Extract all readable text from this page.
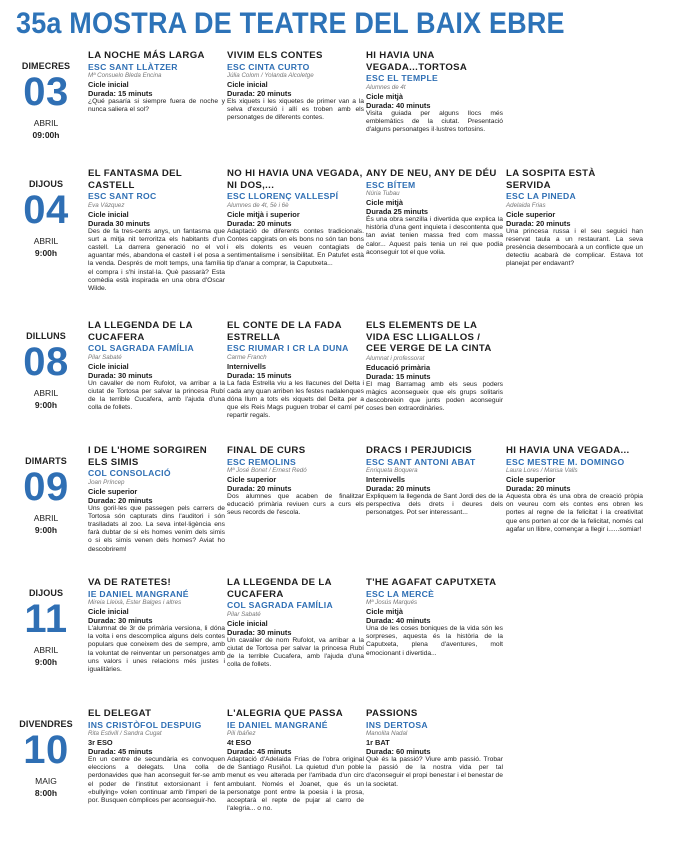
35a MOSTRA DE TEATRE DEL BAIX EBRE
DIMECRES
03
ABRIL
09:00h
LA NOCHE MÁS LARGA
ESC SANT LLÀTZER
Mª Consuelo Bleda Encina
Cicle inicial
Durada: 15 minuts
¿Qué pasaría si siempre fuera de noche y nunca saliera el sol?
VIVIM ELS CONTES
ESC CINTA CURTO
Júlia Colom / Yolanda Alcoletge
Cicle inicial
Durada: 20 minuts
Els xiquets i les xiquetes de primer van a la selva d'excursió i allí es troben amb els personatges de diferents contes.
HI HAVIA UNA VEGADA...TORTOSA
ESC EL TEMPLE
Alumnes de 4t
Cicle mitjà
Durada: 40 minuts
Visita guiada per alguns llocs més emblemàtics de la ciutat. Presentació d'alguns personatges il·lustres tortosins.
DIJOUS
04
ABRIL
9:00h
EL FANTASMA DEL CASTELL
ESC SANT ROC
Eva Vázquez
Cicle inicial
Durada 30 minuts
Des de fa tres-cents anys, un fantasma que surt a mitja nit terroritza els habitants d'un castell. La darrera generació no el vol aguantar més, abandona el castell i el posa a la venda. Després de molt temps, una família el compra i s'hi instal·la. Què passarà? Esta comèdia està inspirada en una obra d'Oscar Wilde.
NO HI HAVIA UNA VEGADA, NI DOS,...
ESC LLORENÇ VALLESPÍ
Alumnes de 4t, 5è i 6è
Cicle mitjà i superior
Durada: 20 minuts
Adaptació de diferents contes tradicionals. Contes capgirats on els bons no són tan bons i els dolents es veuen contagiats de sentimentalisme i sensibilitat. En Patufet està tip d'anar a comprar, la Caputxeta...
ANY DE NEU, ANY DE DÉU
ESC BÍTEM
Núria Tubau
Cicle mitjà
Durada 25 minuts
És una obra senzilla i divertida que explica la història d'una gent inquieta i descontenta que tan aviat tenien massa fred com massa calor... Aquest país tenia un rei que podia aconseguir tot el que volia.
LA SOSPITA ESTÀ SERVIDA
ESC LA PINEDA
Adelaida Frias
Cicle superior
Durada: 20 minuts
Una princesa russa i el seu seguici han reservat taula a un restaurant. La seva presència desembocarà a un conflicte que un detectiu acabarà de complicar. Estava tot planejat per endavant?
DILLUNS
08
ABRIL
9:00h
LA LLEGENDA DE LA CUCAFERA
COL SAGRADA FAMÍLIA
Pilar Sabaté
Cicle inicial
Durada: 30 minuts
Un cavaller de nom Rufolot, va arribar a la ciutat de Tortosa per salvar la princesa Rubí de la terrible Cucafera, amb l'ajuda d'una colla de follets.
EL CONTE DE LA FADA ESTRELLA
ESC RIUMAR I CR LA DUNA
Carme Franch
Internivells
Durada: 15 minuts
La fada Estrella viu a les llacunes del Delta i cada any quan arriben les festes nadalenques dóna llum a tots els xiquets del Delta per a que els Reis Mags puguen trobar el camí per repartir regals.
ELS ELEMENTS DE LA VIDA ESC LLIGALLOS / CEE VERGE DE LA CINTA
Alumnat i professorat
Educació primària
Durada: 15 minuts
El mag Barramag amb els seus poders màgics aconsegueix que els grups solitaris descobreixin que junts poden aconseguir coses ben extraordinàries.
DIMARTS
09
ABRIL
9:00h
I DE L'HOME SORGIREN ELS SIMIS
COL CONSOLACIÓ
Joan Príncep
Cicle superior
Durada: 20 minuts
Uns goril·les que passegen pels carrers de Tortosa són capturats dins l'auditori i són traslladats al zoo. La seva intel·ligència ens farà dubtar de si els homes venim dels simis o si els simis venen dels homes? Aviat ho descobrirem!
FINAL DE CURS
ESC REMOLINS
Mª José Bonet / Ernest Redó
Cicle superior
Durada: 20 minuts
Dos alumnes que acaben de finalitzar educació primària reviuen curs a curs els seus records de l'escola.
DRACS I PERJUDICIS
ESC SANT ANTONI ABAT
Enriqueta Boquera
Internivells
Durada: 20 minuts
Expliquem la llegenda de Sant Jordi des de la perspectiva dels drets i deures dels personatges. Pot ser interessant...
HI HAVIA UNA VEGADA...
ESC MESTRE M. DOMINGO
Laura Lores / Marisa Valls
Cicle superior
Durada: 20 minuts
Aquesta obra és una obra de creació pròpia on veureu com els contes ens obren les portes al regne de la felicitat i la creativitat que ens porten al cor de la felicitat, només cal agafar un llibre, començar a llegir i......somiar!
DIJOUS
11
ABRIL
9:00h
VA DE RATETES!
IE DANIEL MANGRANÉ
Mireia Lleixà, Ester Balges i altres
Cicle inicial
Durada: 30 minuts
L'alumnat de 3r de primària versiona, li dóna la volta i ens descomplica alguns dels contes populars que coneixem des de sempre, amb la voluntat de reinventar un personatges amb uns valors i unes relacions més justes i igualitàries.
LA LLEGENDA DE LA CUCAFERA
COL SAGRADA FAMÍLIA
Pilar Sabaté
Cicle inicial
Durada: 30 minuts
Un cavaller de nom Rufolot, va arribar a la ciutat de Tortosa per salvar la princesa Rubí de la terrible Cucafera, amb l'ajuda d'una colla de follets.
T'HE AGAFAT CAPUTXETA
ESC LA MERCÈ
Mª Josús Marqués
Cicle mitjà
Durada: 40 minuts
Una de les coses boniques de la vida són les sorpreses, aquesta és la història de la Caputxeta, plena d'aventures, molt emocionant i divertida...
DIVENDRES
10
MAIG
8:00h
EL DELEGAT
INS CRISTÒFOL DESPUIG
Rita Estivill / Sandra Cugat
3r ESO
Durada: 45 minuts
En un centre de secundària es convoquen eleccions a delegats. Una colla de perdonavides que han aconseguit fer-se amb el poder de l'institut extorsionant i fent «bullying» volen continuar amb l'imperi de la por. Busquen còmplices per aconseguir-ho.
L'ALEGRIA QUE PASSA
IE DANIEL MANGRANÉ
Pili Ibáñez
4t ESO
Durada: 45 minuts
Adaptació d'Adelaida Frias de l'obra original de Santiago Rusiñol. La quietud d'un poble menut es veu alterada per l'arribada d'un circ ambulant. Només el Joanet, que és un personatge pont entre la poesia i la prosa, acceptarà el repte de pujar al carro de l'alegria... o no.
PASSIONS
INS DERTOSA
Manolita Nadal
1r BAT
Durada: 60 minuts
Què és la passió? Viure amb passió. Trobar la passió de la nostra vida per tal d'aconseguir el propi benestar i el benestar de la societat.
